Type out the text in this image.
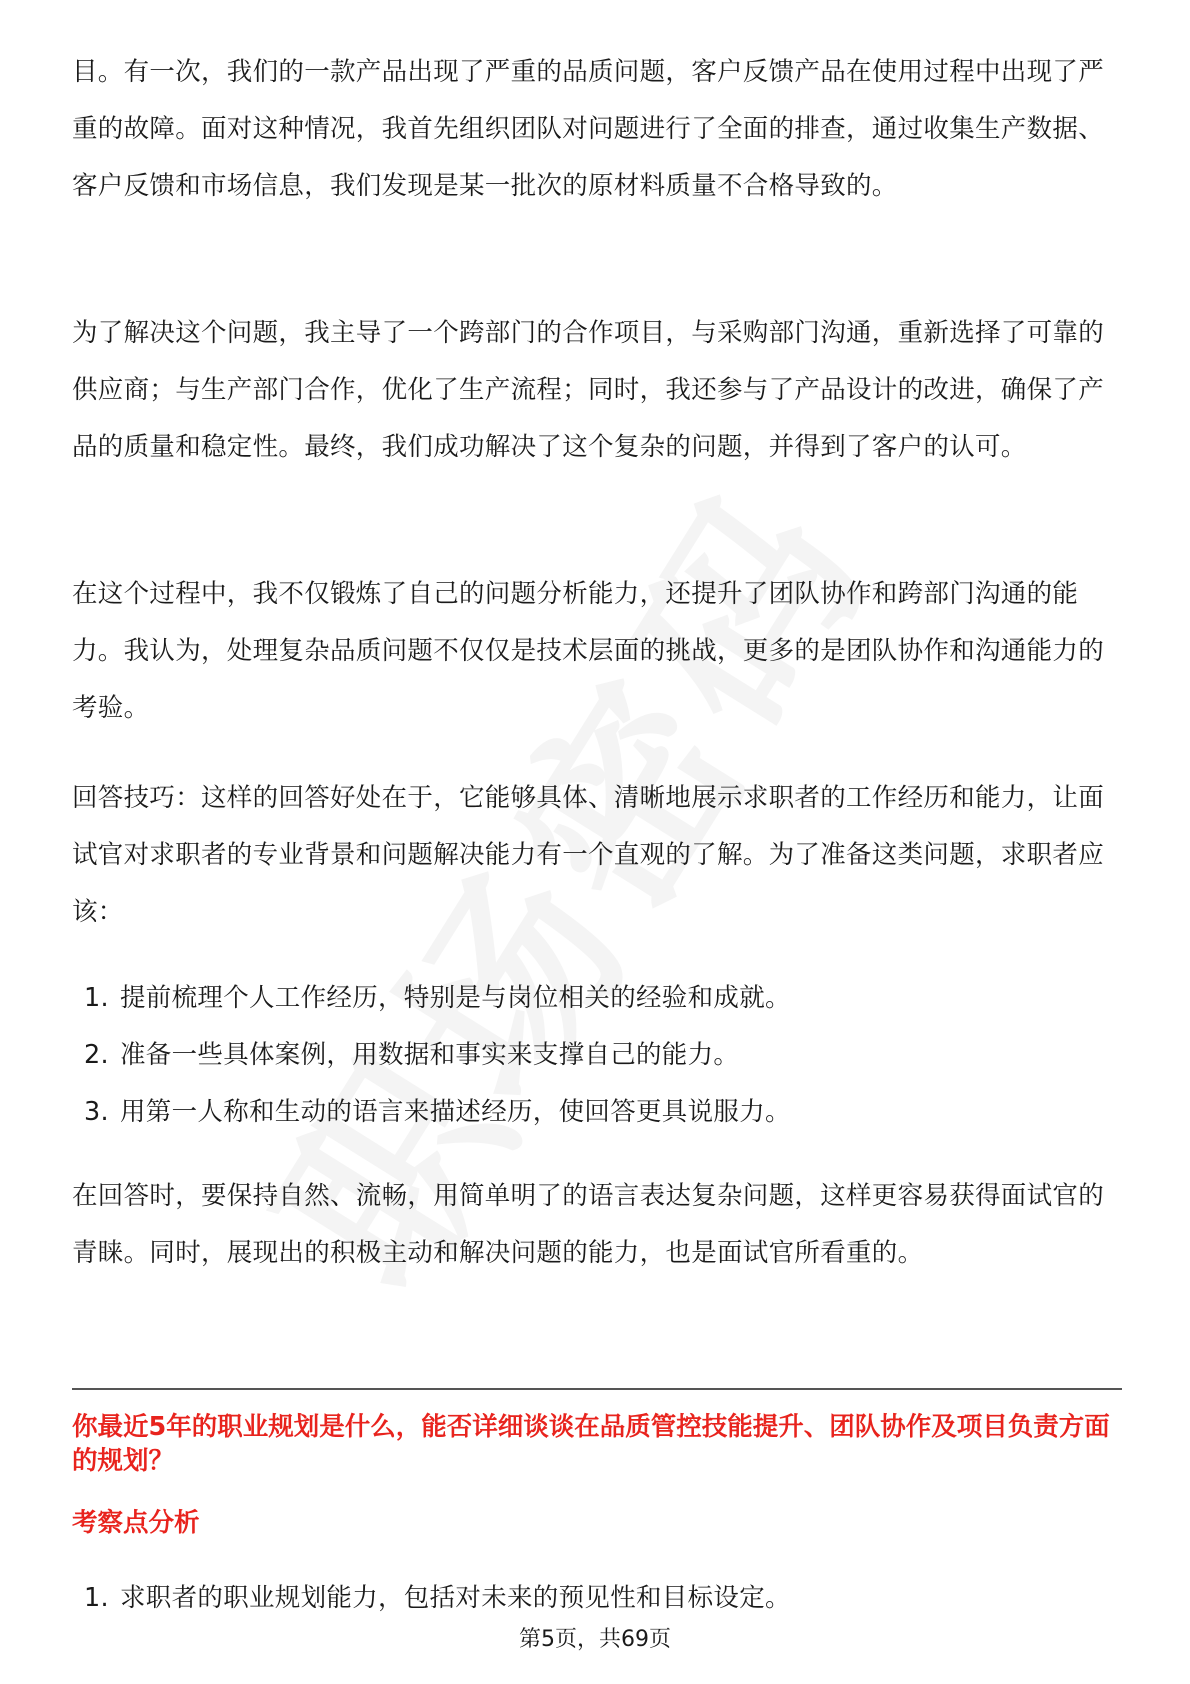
目。有一次，我们的一款产品出现了严重的品质问题，客户反馈产品在使用过程中出现了严重的故障。面对这种情况，我首先组织团队对问题进行了全面的排查，通过收集生产数据、客户反馈和市场信息，我们发现是某一批次的原材料质量不合格导致的。

为了解决这个问题，我主导了一个跨部门的合作项目，与采购部门沟通，重新选择了可靠的供应商；与生产部门合作，优化了生产流程；同时，我还参与了产品设计的改进，确保了产品的质量和稳定性。最终，我们成功解决了这个复杂的问题，并得到了客户的认可。

在这个过程中，我不仅锻炼了自己的问题分析能力，还提升了团队协作和跨部门沟通的能力。我认为，处理复杂品质问题不仅仅是技术层面的挑战，更多的是团队协作和沟通能力的考验。

回答技巧：这样的回答好处在于，它能够具体、清晰地展示求职者的工作经历和能力，让面试官对求职者的专业背景和问题解决能力有一个直观的了解。为了准备这类问题，求职者应该：

1. 提前梳理个人工作经历，特别是与岗位相关的经验和成就。
2. 准备一些具体案例，用数据和事实来支撑自己的能力。
3. 用第一人称和生动的语言来描述经历，使回答更具说服力。

在回答时，要保持自然、流畅，用简单明了的语言表达复杂问题，这样更容易获得面试官的青睐。同时，展现出的积极主动和解决问题的能力，也是面试官所看重的。

你最近5年的职业规划是什么，能否详细谈谈在品质管控技能提升、团队协作及项目负责方面的规划？
考察点分析
1. 求职者的职业规划能力，包括对未来的预见性和目标设定。
第5页，共69页
